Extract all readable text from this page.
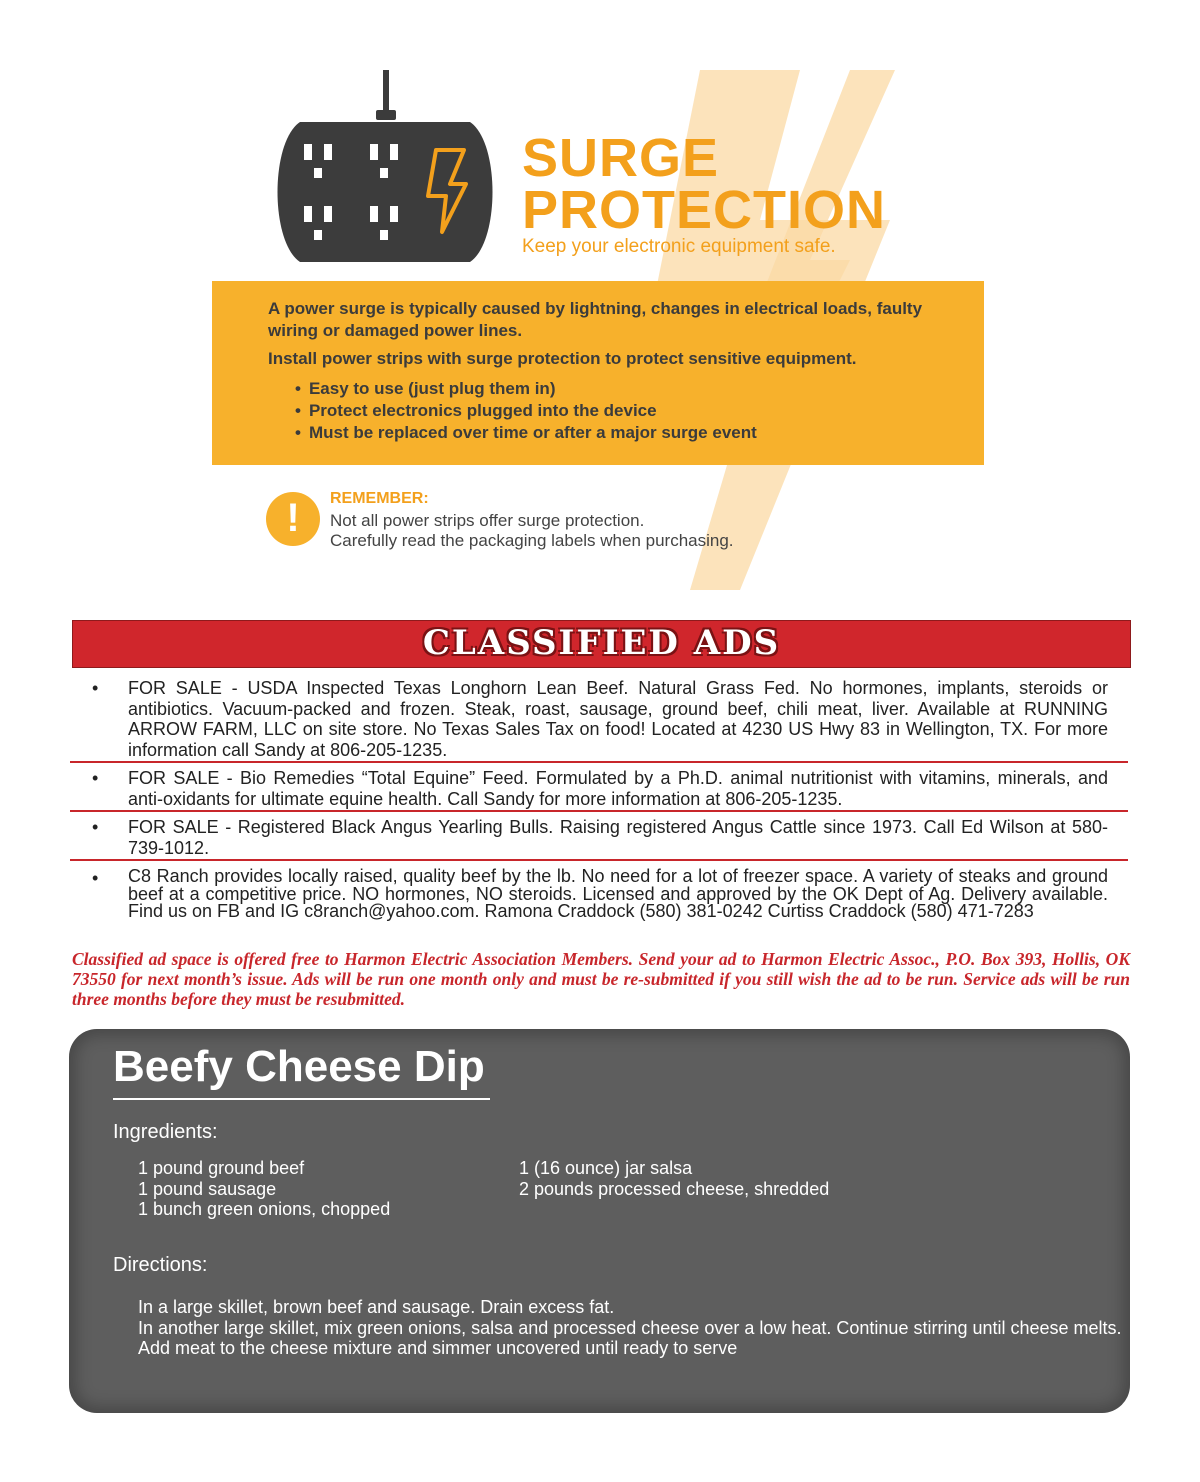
SURGE
PROTECTION
Keep your electronic equipment safe.
A power surge is typically caused by lightning, changes in electrical loads, faulty wiring or damaged power lines.
Install power strips with surge protection to protect sensitive equipment.
• Easy to use (just plug them in)
• Protect electronics plugged into the device
• Must be replaced over time or after a major surge event
!	REMEMBER:
Not all power strips offer surge protection.
Carefully read the packaging labels when purchasing.
CLASSIFIED ADS
• FOR SALE - USDA Inspected Texas Longhorn Lean Beef. Natural Grass Fed. No hormones, implants, steroids or antibiotics. Vacuum-packed and frozen. Steak, roast, sausage, ground beef, chili meat, liver. Available at RUNNING ARROW FARM, LLC on site store. No Texas Sales Tax on food! Located at 4230 US Hwy 83 in Wellington, TX. For more information call Sandy at 806-205-1235.
• FOR SALE - Bio Remedies “Total Equine” Feed. Formulated by a Ph.D. animal nutritionist with vitamins, minerals, and anti-oxidants for ultimate equine health. Call Sandy for more information at 806-205-1235.
• FOR SALE - Registered Black Angus Yearling Bulls. Raising registered Angus Cattle since 1973. Call Ed Wilson at 580-739-1012.
• C8 Ranch provides locally raised, quality beef by the lb. No need for a lot of freezer space. A variety of steaks and ground beef at a competitive price. NO hormones, NO steroids. Licensed and approved by the OK Dept of Ag. Delivery available. Find us on FB and IG c8ranch@yahoo.com. Ramona Craddock (580) 381-0242 Curtiss Craddock (580) 471-7283
Classified ad space is offered free to Harmon Electric Association Members. Send your ad to Harmon Electric Assoc., P.O. Box 393, Hollis, OK 73550 for next month’s issue. Ads will be run one month only and must be re-submitted if you still wish the ad to be run. Service ads will be run three months before they must be resubmitted.
Beefy Cheese Dip
Ingredients:
1 pound ground beef
1 pound sausage
1 bunch green onions, chopped
1 (16 ounce) jar salsa
2 pounds processed cheese, shredded
Directions:
In a large skillet, brown beef and sausage. Drain excess fat.
In another large skillet, mix green onions, salsa and processed cheese over a low heat. Continue stirring until cheese melts.
Add meat to the cheese mixture and simmer uncovered until ready to serve
